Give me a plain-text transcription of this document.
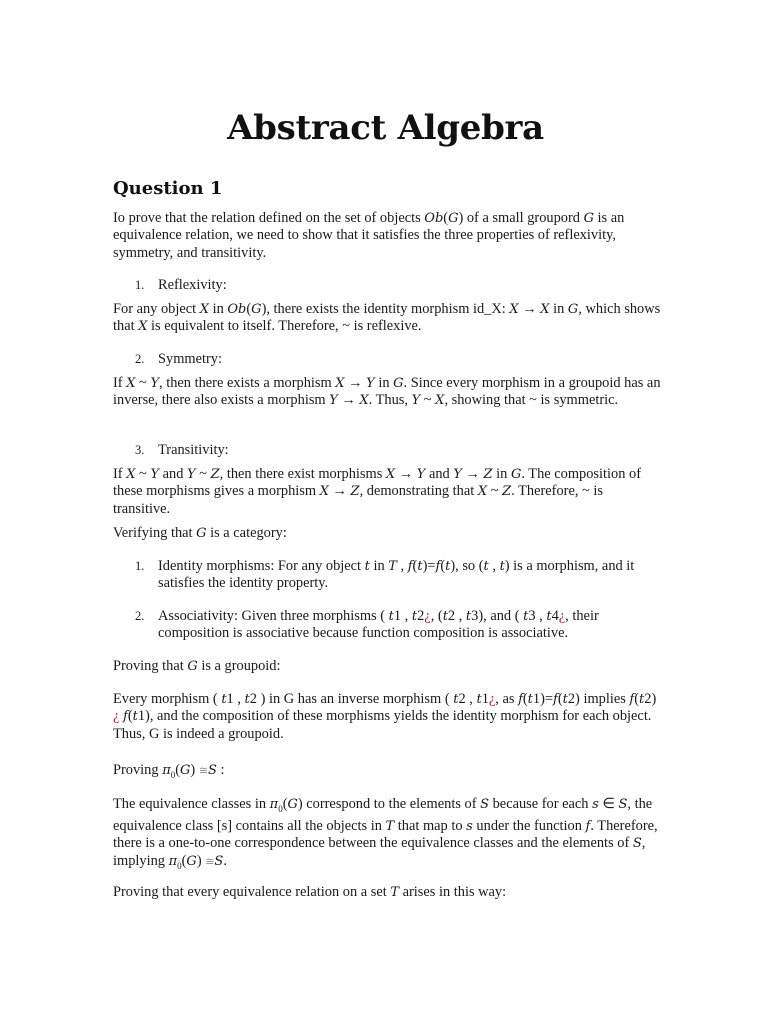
Abstract Algebra
Question 1

Io prove that the relation defined on the set of objects Ob(G) of a small groupord G is an equivalence relation, we need to show that it satisfies the three properties of reflexivity, symmetry, and transitivity.

1. Reflexivity:

For any object X in Ob(G), there exists the identity morphism id_X: X → X in G, which shows that X is equivalent to itself. Therefore, ~ is reflexive.

2. Symmetry:

If X ~ Y, then there exists a morphism X → Y in G. Since every morphism in a groupoid has an inverse, there also exists a morphism Y → X. Thus, Y ~ X, showing that ~ is symmetric.

3. Transitivity:

If X ~ Y and Y ~ Z, then there exist morphisms X → Y and Y → Z in G. The composition of these morphisms gives a morphism X → Z, demonstrating that X ~ Z. Therefore, ~ is transitive.

Verifying that G is a category:

1. Identity morphisms: For any object t in T , f(t)=f(t), so (t , t) is a morphism, and it satisfies the identity property.
2. Associativity: Given three morphisms ( t1 , t2¿, (t2 , t3), and ( t3 , t4¿, their composition is associative because function composition is associative.

Proving that G is a groupoid:

Every morphism ( t1 , t2 ) in G has an inverse morphism ( t2 , t1¿, as f(t1)=f(t2) implies f(t2) ¿ f(t1), and the composition of these morphisms yields the identity morphism for each object. Thus, G is indeed a groupoid.

Proving $\pi_0(G)$ ≅S :

The equivalence classes in $\pi_0(G)$ correspond to the elements of S because for each s ∈ S, the equivalence class [s] contains all the objects in T that map to s under the function f. Therefore, there is a one-to-one correspondence between the equivalence classes and the elements of S, implying $\pi_0(G)$ ≅S.

Proving that every equivalence relation on a set T arises in this way:
